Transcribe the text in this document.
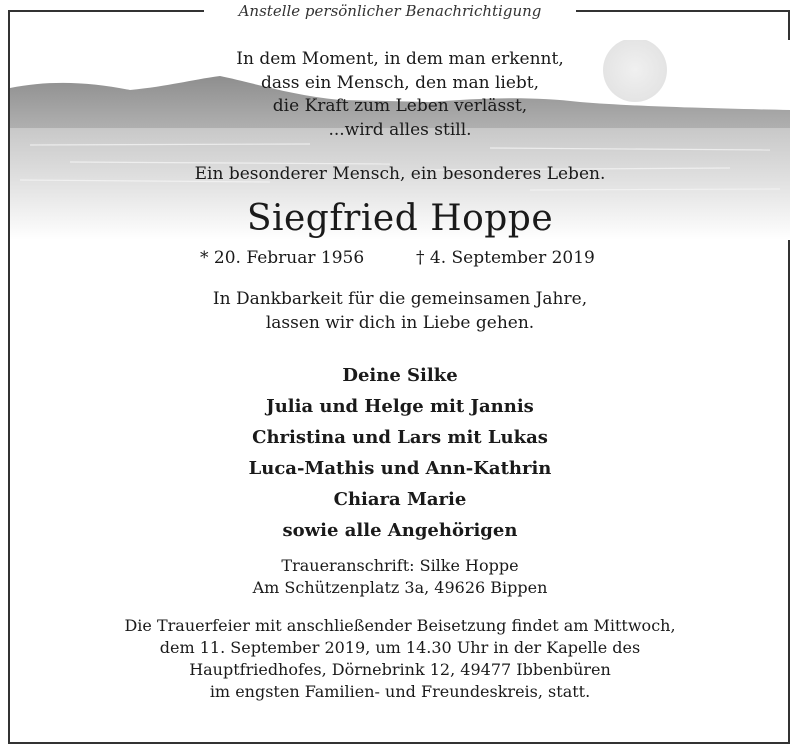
Anstelle persönlicher Benachrichtigung
In dem Moment, in dem man erkennt,
dass ein Mensch, den man liebt,
die Kraft zum Leben verlässt,
...wird alles still.
Ein besonderer Mensch, ein besonderes Leben.
Siegfried Hoppe
* 20. Februar 1956	† 4. September 2019
In Dankbarkeit für die gemeinsamen Jahre,
lassen wir dich in Liebe gehen.
Deine Silke
Julia und Helge mit Jannis
Christina und Lars mit Lukas
Luca-Mathis und Ann-Kathrin
Chiara Marie
sowie alle Angehörigen
Traueranschrift: Silke Hoppe
Am Schützenplatz 3a, 49626 Bippen
Die Trauerfeier mit anschließender Beisetzung findet am Mittwoch,
dem 11. September 2019, um 14.30 Uhr in der Kapelle des
Hauptfriedhofes, Dörnebrink 12, 49477 Ibbenbüren
im engsten Familien- und Freundeskreis, statt.
